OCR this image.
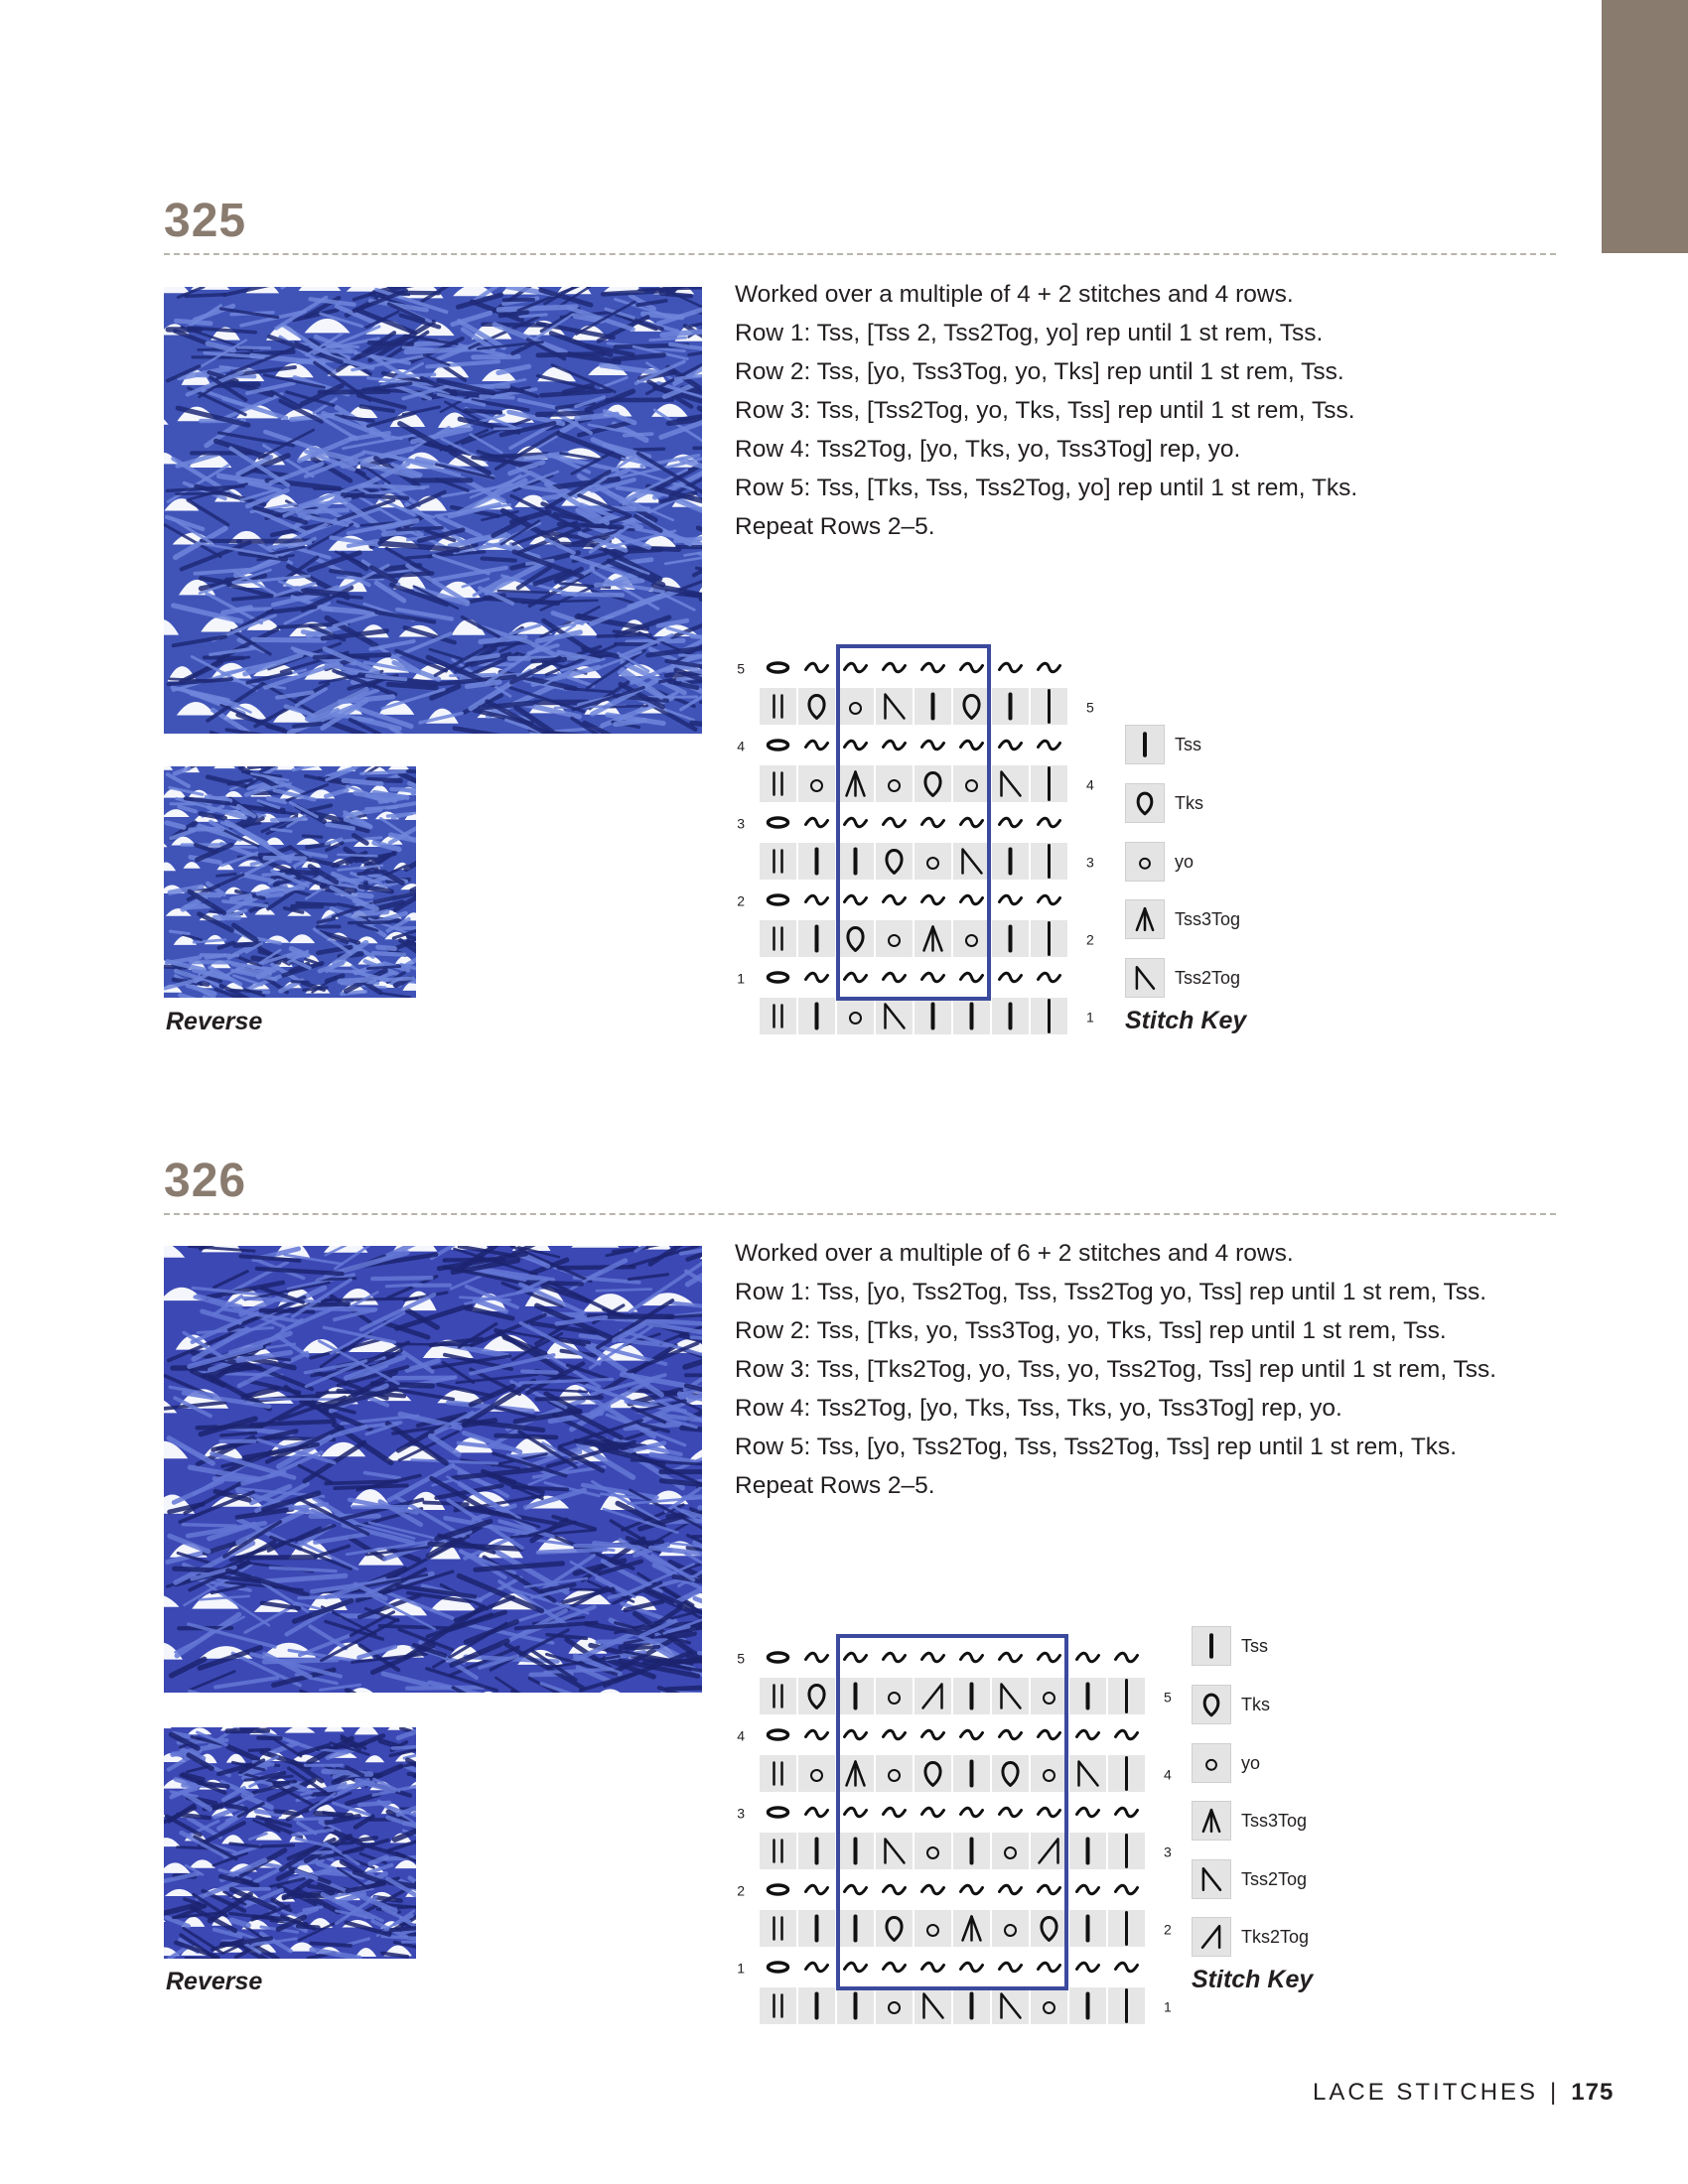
325
Reverse
Worked over a multiple of 4 + 2 stitches and 4 rows.
Row 1: Tss, [Tss 2, Tss2Tog, yo] rep until 1 st rem, Tss.
Row 2: Tss, [yo, Tss3Tog, yo, Tks] rep until 1 st rem, Tss.
Row 3: Tss, [Tss2Tog, yo, Tks, Tss] rep until 1 st rem, Tss.
Row 4: Tss2Tog, [yo, Tks, yo, Tss3Tog] rep, yo.
Row 5: Tss, [Tks, Tss, Tss2Tog, yo] rep until 1 st rem, Tks.
Repeat Rows 2–5.
5
5
4
4
3
3
2
2
1
1
Tss
Tks
yo
Tss3Tog
Tss2Tog
Stitch Key
326
Reverse
Worked over a multiple of 6 + 2 stitches and 4 rows.
Row 1: Tss, [yo, Tss2Tog, Tss, Tss2Tog yo, Tss] rep until 1 st rem, Tss.
Row 2: Tss, [Tks, yo, Tss3Tog, yo, Tks, Tss] rep until 1 st rem, Tss.
Row 3: Tss, [Tks2Tog, yo, Tss, yo, Tss2Tog, Tss] rep until 1 st rem, Tss.
Row 4: Tss2Tog, [yo, Tks, Tss, Tks, yo, Tss3Tog] rep, yo.
Row 5: Tss, [yo, Tss2Tog, Tss, Tss2Tog, Tss] rep until 1 st rem, Tks.
Repeat Rows 2–5.
5
5
4
4
3
3
2
2
1
1
Tss
Tks
yo
Tss3Tog
Tss2Tog
Tks2Tog
Stitch Key
LACE STITCHES | 175
